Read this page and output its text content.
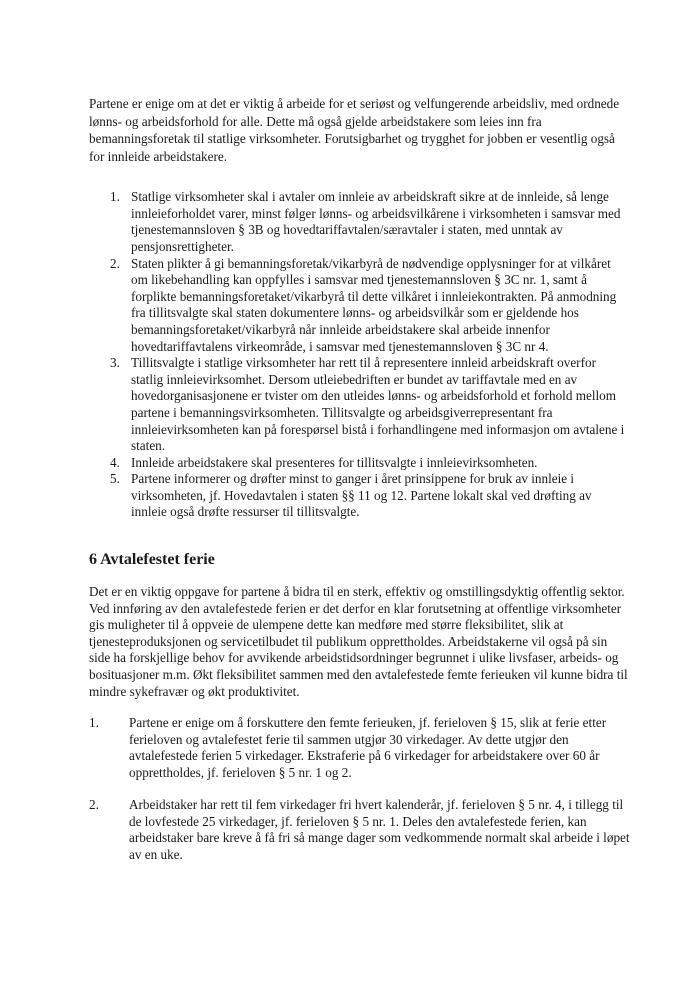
Partene er enige om at det er viktig å arbeide for et seriøst og velfungerende arbeidsliv, med ordnede lønns- og arbeidsforhold for alle. Dette må også gjelde arbeidstakere som leies inn fra bemanningsforetak til statlige virksomheter. Forutsigbarhet og trygghet for jobben er vesentlig også for innleide arbeidstakere.

1. Statlige virksomheter skal i avtaler om innleie av arbeidskraft sikre at de innleide, så lenge innleieforholdet varer, minst følger lønns- og arbeidsvilkårene i virksomheten i samsvar med tjenestemannsloven § 3B og hovedtariffavtalen/særavtaler i staten, med unntak av pensjonsrettigheter.
2. Staten plikter å gi bemanningsforetak/vikarbyrå de nødvendige opplysninger for at vilkåret om likebehandling kan oppfylles i samsvar med tjenestemannsloven § 3C nr. 1, samt å forplikte bemanningsforetaket/vikarbyrå til dette vilkåret i innleiekontrakten. På anmodning fra tillitsvalgte skal staten dokumentere lønns- og arbeidsvilkår som er gjeldende hos bemanningsforetaket/vikarbyrå når innleide arbeidstakere skal arbeide innenfor hovedtariffavtalens virkeområde, i samsvar med tjenestemannsloven § 3C nr 4.
3. Tillitsvalgte i statlige virksomheter har rett til å representere innleid arbeidskraft overfor statlig innleievirksomhet. Dersom utleiebedriften er bundet av tariffavtale med en av hovedorganisasjonene er tvister om den utleides lønns- og arbeidsforhold et forhold mellom partene i bemanningsvirksomheten. Tillitsvalgte og arbeidsgiverrepresentant fra innleievirksomheten kan på forespørsel bistå i forhandlingene med informasjon om avtalene i staten.
4. Innleide arbeidstakere skal presenteres for tillitsvalgte i innleievirksomheten.
5. Partene informerer og drøfter minst to ganger i året prinsippene for bruk av innleie i virksomheten, jf. Hovedavtalen i staten §§ 11 og 12. Partene lokalt skal ved drøfting av innleie også drøfte ressurser til tillitsvalgte.
6 Avtalefestet ferie

Det er en viktig oppgave for partene å bidra til en sterk, effektiv og omstillingsdyktig offentlig sektor. Ved innføring av den avtalefestede ferien er det derfor en klar forutsetning at offentlige virksomheter gis muligheter til å oppveie de ulempene dette kan medføre med større fleksibilitet, slik at tjenesteproduksjonen og servicetilbudet til publikum opprettholdes. Arbeidstakerne vil også på sin side ha forskjellige behov for avvikende arbeidstidsordninger begrunnet i ulike livsfaser, arbeids- og bosituasjoner m.m. Økt fleksibilitet sammen med den avtalefestede femte ferieuken vil kunne bidra til mindre sykefravær og økt produktivitet.

1. Partene er enige om å forskuttere den femte ferieuken, jf. ferieloven § 15, slik at ferie etter ferieloven og avtalefestet ferie til sammen utgjør 30 virkedager. Av dette utgjør den avtalefestede ferien 5 virkedager. Ekstraferie på 6 virkedager for arbeidstakere over 60 år opprettholdes, jf. ferieloven § 5 nr. 1 og 2.
2. Arbeidstaker har rett til fem virkedager fri hvert kalenderår, jf. ferieloven § 5 nr. 4, i tillegg til de lovfestede 25 virkedager, jf. ferieloven § 5 nr. 1. Deles den avtalefestede ferien, kan arbeidstaker bare kreve å få fri så mange dager som vedkommende normalt skal arbeide i løpet av en uke.
